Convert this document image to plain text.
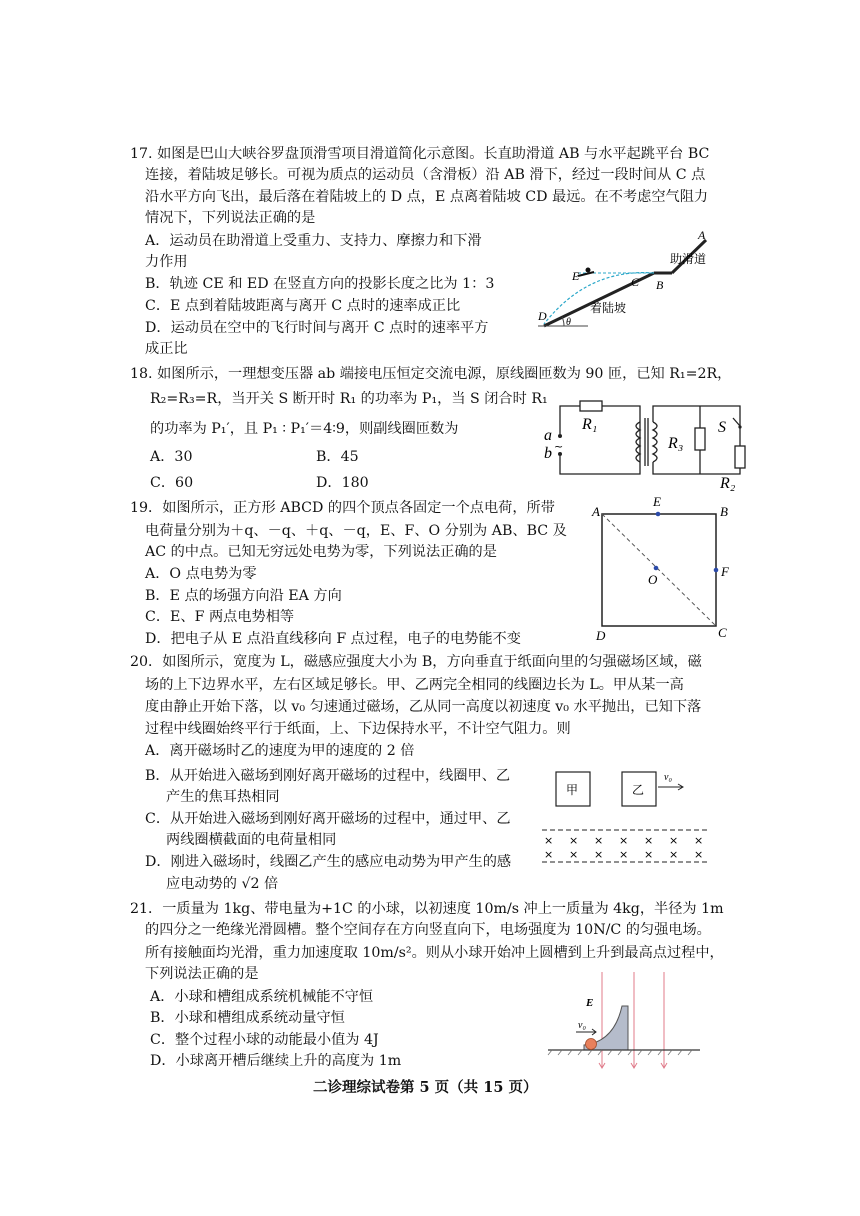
17. 如图是巴山大峡谷罗盘顶滑雪项目滑道简化示意图。长直助滑道 AB 与水平起跳平台 BC
连接，着陆坡足够长。可视为质点的运动员（含滑板）沿 AB 滑下，经过一段时间从 C 点
沿水平方向飞出，最后落在着陆坡上的 D 点，E 点离着陆坡 CD 最远。在不考虑空气阻力
情况下，下列说法正确的是
A．运动员在助滑道上受重力、支持力、摩擦力和下滑
力作用
B．轨迹 CE 和 ED 在竖直方向的投影长度之比为 1：3
C．E 点到着陆坡距离与离开 C 点时的速率成正比
D．运动员在空中的飞行时间与离开 C 点时的速率平方
成正比
A
B
C
D
E
θ
助滑道
着陆坡
18. 如图所示，一理想变压器 ab 端接电压恒定交流电源，原线圈匝数为 90 匝，已知 R₁=2R，
R₂=R₃=R，当开关 S 断开时 R₁ 的功率为 P₁，当 S 闭合时 R₁
的功率为 P₁′，且 P₁ ∶ P₁′＝4∶9，则副线圈匝数为
A．30	B．45
C．60	D．180
a
b ~
R₁
R₃
R₂
S
19．如图所示，正方形 ABCD 的四个顶点各固定一个点电荷，所带
电荷量分别为＋q、－q、＋q、－q，E、F、O 分别为 AB、BC 及
AC 的中点。已知无穷远处电势为零，下列说法正确的是
A．O 点电势为零
B．E 点的场强方向沿 EA 方向
C．E、F 两点电势相等
D．把电子从 E 点沿直线移向 F 点过程，电子的电势能不变
A	B
C
D
E
F
O
20．如图所示，宽度为 L，磁感应强度大小为 B，方向垂直于纸面向里的匀强磁场区域，磁
场的上下边界水平，左右区域足够长。甲、乙两完全相同的线圈边长为 L。甲从某一高
度由静止开始下落，以 v₀ 匀速通过磁场，乙从同一高度以初速度 v₀ 水平抛出，已知下落
过程中线圈始终平行于纸面，上、下边保持水平，不计空气阻力。则
A．离开磁场时乙的速度为甲的速度的 2 倍
B．从开始进入磁场到刚好离开磁场的过程中，线圈甲、乙
产生的焦耳热相同
C．从开始进入磁场到刚好离开磁场的过程中，通过甲、乙
两线圈横截面的电荷量相同
D．刚进入磁场时，线圈乙产生的感应电动势为甲产生的感
应电动势的 √2 倍
甲	乙
v₀
× × × × × × ×
× × × × × × ×
21．一质量为 1kg、带电量为+1C 的小球，以初速度 10m/s 冲上一质量为 4kg，半径为 1m
的四分之一绝缘光滑圆槽。整个空间存在方向竖直向下，电场强度为 10N/C 的匀强电场。
所有接触面均光滑，重力加速度取 10m/s²。则从小球开始冲上圆槽到上升到最高点过程中，
下列说法正确的是
A．小球和槽组成系统机械能不守恒
B．小球和槽组成系统动量守恒
C．整个过程小球的动能最小值为 4J
D．小球离开槽后继续上升的高度为 1m
v₀
E
二诊理综试卷第 5 页（共 15 页）
